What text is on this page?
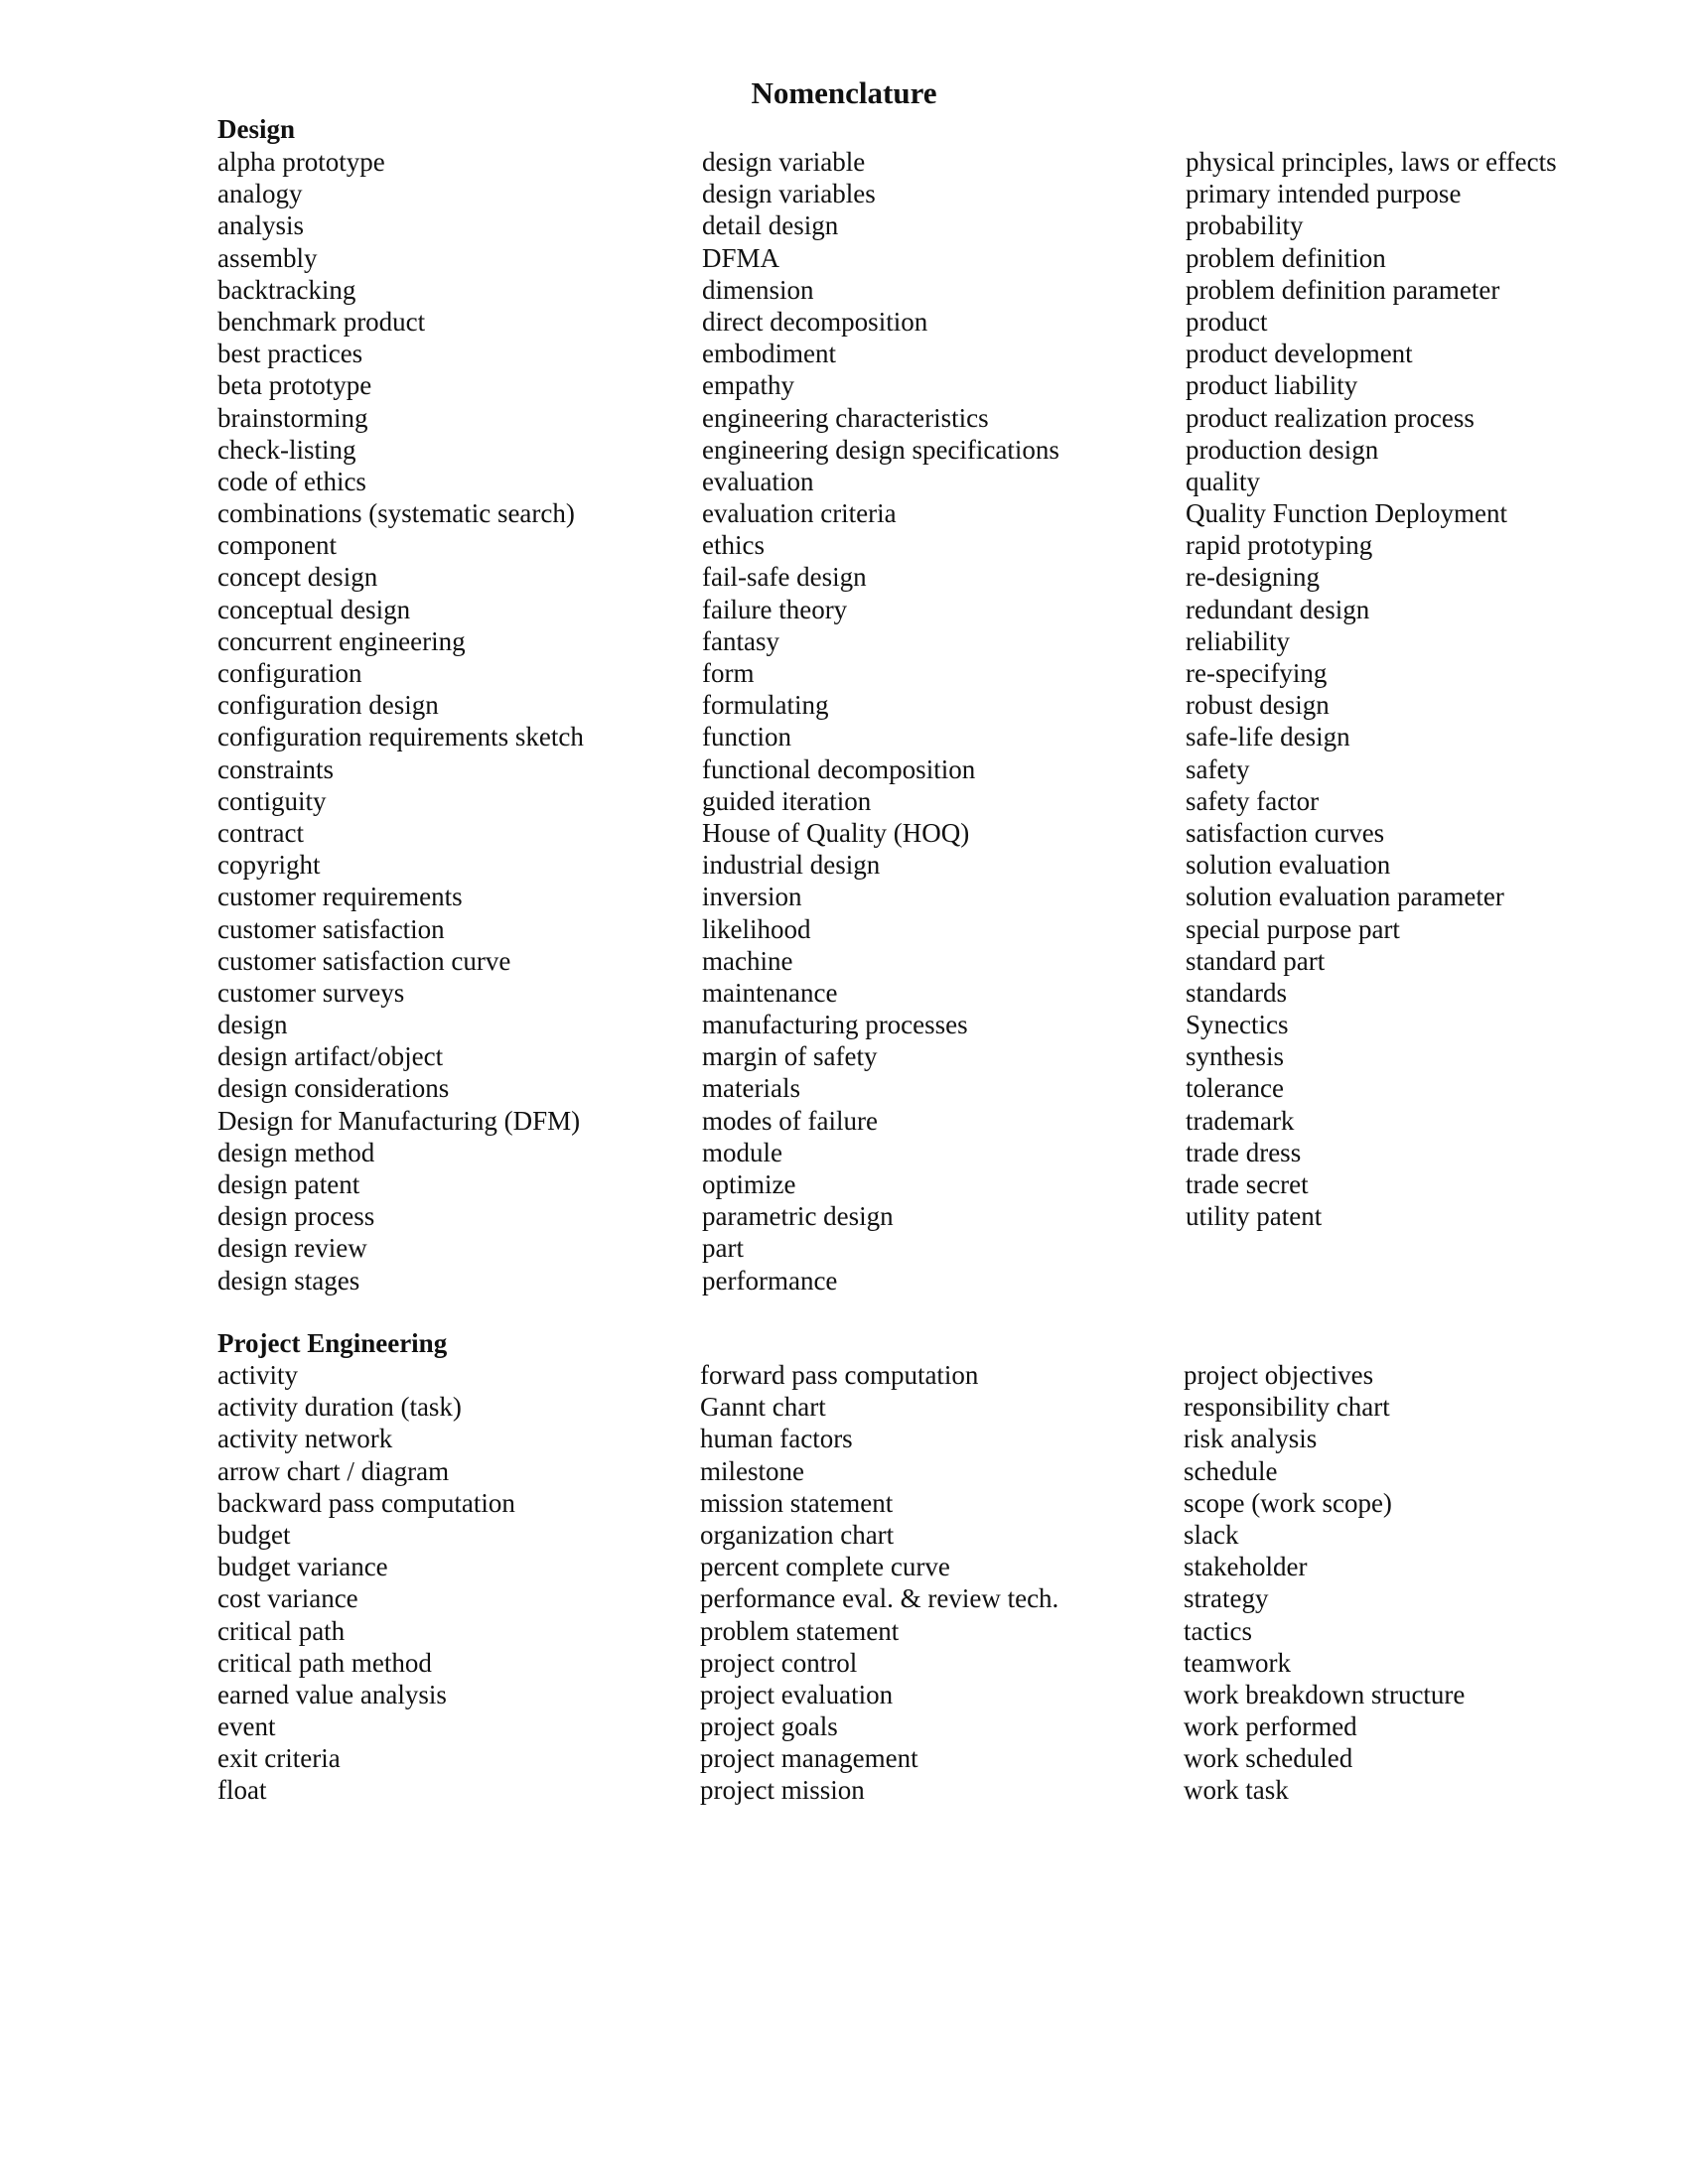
Nomenclature
Design
alpha prototype
analogy
analysis
assembly
backtracking
benchmark product
best practices
beta prototype
brainstorming
check-listing
code of ethics
combinations (systematic search)
component
concept design
conceptual design
concurrent engineering
configuration
configuration design
configuration requirements sketch
constraints
contiguity
contract
copyright
customer requirements
customer satisfaction
customer satisfaction curve
customer surveys
design
design artifact/object
design considerations
Design for Manufacturing (DFM)
design method
design patent
design process
design review
design stages
design variable
design variables
detail design
DFMA
dimension
direct decomposition
embodiment
empathy
engineering characteristics
engineering design specifications
evaluation
evaluation criteria
ethics
fail-safe design
failure theory
fantasy
form
formulating
function
functional decomposition
guided iteration
House of Quality (HOQ)
industrial design
inversion
likelihood
machine
maintenance
manufacturing processes
margin of safety
materials
modes of failure
module
optimize
parametric design
part
performance
physical principles, laws or effects
primary intended purpose
probability
problem definition
problem definition parameter
product
product development
product liability
product realization process
production design
quality
Quality Function Deployment
rapid prototyping
re-designing
redundant design
reliability
re-specifying
robust design
safe-life design
safety
safety factor
satisfaction curves
solution evaluation
solution evaluation parameter
special purpose part
standard part
standards
Synectics
synthesis
tolerance
trademark
trade dress
trade secret
utility patent
Project Engineering
activity
activity duration (task)
activity network
arrow chart / diagram
backward pass computation
budget
budget variance
cost variance
critical path
critical path method
earned value analysis
event
exit criteria
float
forward pass computation
Gannt chart
human factors
milestone
mission statement
organization chart
percent complete curve
performance eval. & review tech.
problem statement
project control
project evaluation
project goals
project management
project mission
project objectives
responsibility chart
risk analysis
schedule
scope (work scope)
slack
stakeholder
strategy
tactics
teamwork
work breakdown structure
work performed
work scheduled
work task
